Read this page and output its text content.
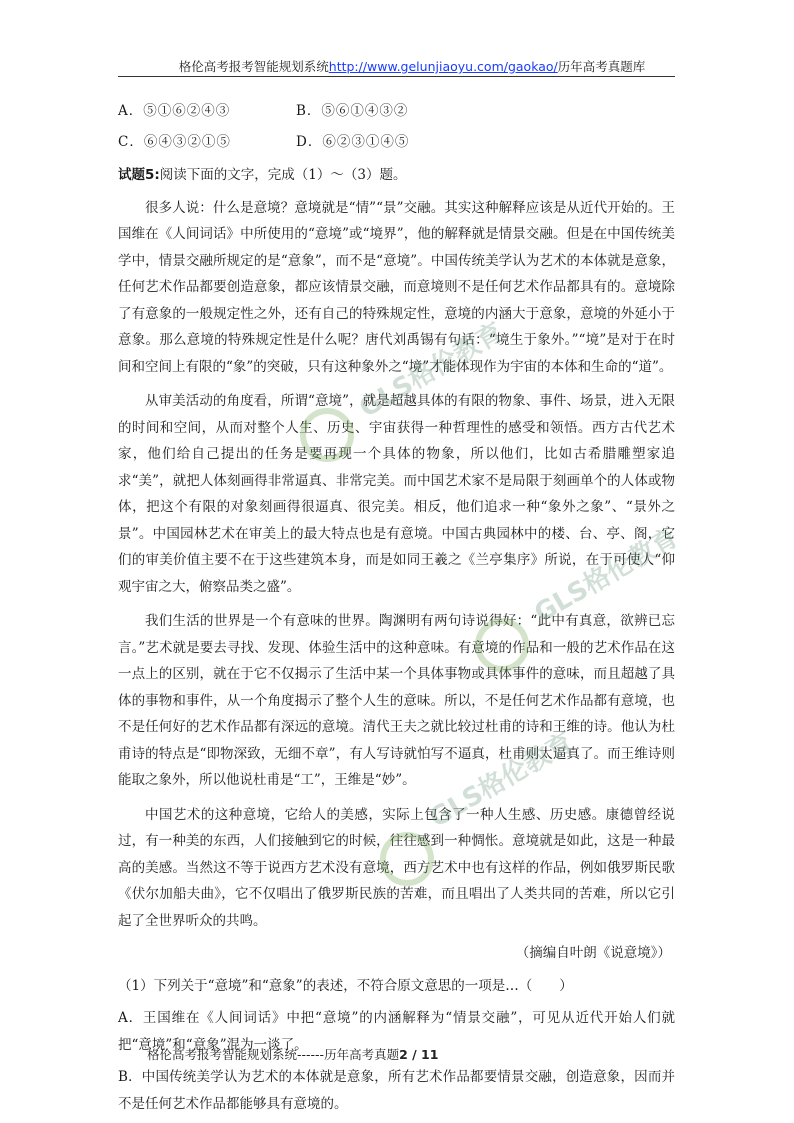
格伦高考报考智能规划系统http://www.gelunjiaoyu.com/gaokao/历年高考真题库
A．⑤①⑥②④③	B．⑤⑥①④③②
C．⑥④③②①⑤	D．⑥②③①④⑤
试题5:阅读下面的文字，完成（1）～（3）题。

很多人说：什么是意境？意境就是“情”“景”交融。其实这种解释应该是从近代开始的。王国维在《人间词话》中所使用的“意境”或“境界”，他的解释就是情景交融。但是在中国传统美学中，情景交融所规定的是“意象”，而不是“意境”。中国传统美学认为艺术的本体就是意象，任何艺术作品都要创造意象，都应该情景交融，而意境则不是任何艺术作品都具有的。意境除了有意象的一般规定性之外，还有自己的特殊规定性，意境的内涵大于意象，意境的外延小于意象。那么意境的特殊规定性是什么呢？唐代刘禹锡有句话：“境生于象外。”“境”是对于在时间和空间上有限的“象”的突破，只有这种象外之“境”才能体现作为宇宙的本体和生命的“道”。

从审美活动的角度看，所谓“意境”，就是超越具体的有限的物象、事件、场景，进入无限的时间和空间，从而对整个人生、历史、宇宙获得一种哲理性的感受和领悟。西方古代艺术家，他们给自己提出的任务是要再现一个具体的物象，所以他们，比如古希腊雕塑家追求“美”，就把人体刻画得非常逼真、非常完美。而中国艺术家不是局限于刻画单个的人体或物体，把这个有限的对象刻画得很逼真、很完美。相反，他们追求一种“象外之象”、“景外之景”。中国园林艺术在审美上的最大特点也是有意境。中国古典园林中的楼、台、亭、阁，它们的审美价值主要不在于这些建筑本身，而是如同王羲之《兰亭集序》所说，在于可使人“仰观宇宙之大，俯察品类之盛”。

我们生活的世界是一个有意味的世界。陶渊明有两句诗说得好：“此中有真意，欲辨已忘言。”艺术就是要去寻找、发现、体验生活中的这种意味。有意境的作品和一般的艺术作品在这一点上的区别，就在于它不仅揭示了生活中某一个具体事物或具体事件的意味，而且超越了具体的事物和事件，从一个角度揭示了整个人生的意味。所以，不是任何艺术作品都有意境，也不是任何好的艺术作品都有深远的意境。清代王夫之就比较过杜甫的诗和王维的诗。他认为杜甫诗的特点是“即物深致，无细不章”，有人写诗就怕写不逼真，杜甫则太逼真了。而王维诗则能取之象外，所以他说杜甫是“工”，王维是“妙”。

中国艺术的这种意境，它给人的美感，实际上包含了一种人生感、历史感。康德曾经说过，有一种美的东西，人们接触到它的时候，往往感到一种惆怅。意境就是如此，这是一种最高的美感。当然这不等于说西方艺术没有意境，西方艺术中也有这样的作品，例如俄罗斯民歌《伏尔加船夫曲》，它不仅唱出了俄罗斯民族的苦难，而且唱出了人类共同的苦难，所以它引起了全世界听众的共鸣。

（摘编自叶朗《说意境》）
（1）下列关于“意境”和“意象”的表述，不符合原文意思的一项是…（　　）
A．王国维在《人间词话》中把“意境”的内涵解释为“情景交融”，可见从近代开始人们就把“意境”和“意象”混为一谈了。
B．中国传统美学认为艺术的本体就是意象，所有艺术作品都要情景交融，创造意象，因而并不是任何艺术作品都能够具有意境的。
GLS格伦教育
GLS格伦教育
GLS格伦教育
格伦高考报考智能规划系统------历年高考真题2 / 11
